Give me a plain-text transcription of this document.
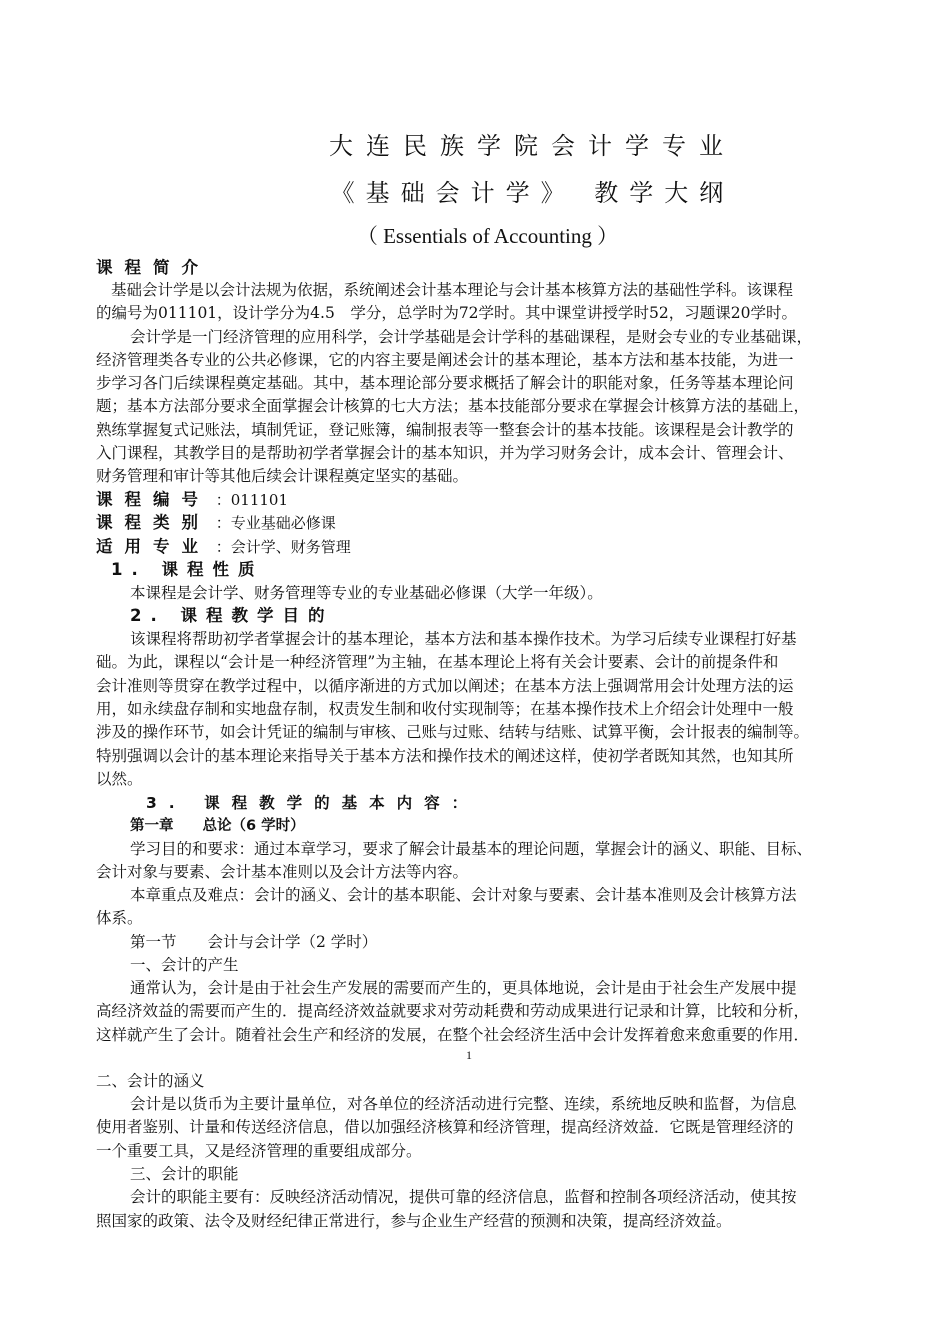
大连民族学院会计学专业
《基础会计学》 教学大纲
（ Essentials of Accounting ）
课程简介
基础会计学是以会计法规为依据，系统阐述会计基本理论与会计基本核算方法的基础性学科。该课程
的编号为011101，设计学分为4.5　学分，总学时为72学时。其中课堂讲授学时52，习题课20学时。
会计学是一门经济管理的应用科学，会计学基础是会计学科的基础课程，是财会专业的专业基础课，
经济管理类各专业的公共必修课，它的内容主要是阐述会计的基本理论，基本方法和基本技能，为进一
步学习各门后续课程奠定基础。其中，基本理论部分要求概括了解会计的职能对象，任务等基本理论问
题；基本方法部分要求全面掌握会计核算的七大方法；基本技能部分要求在掌握会计核算方法的基础上，
熟练掌握复式记账法，填制凭证，登记账簿，编制报表等一整套会计的基本技能。该课程是会计教学的
入门课程，其教学目的是帮助初学者掌握会计的基本知识，并为学习财务会计，成本会计、管理会计、
财务管理和审计等其他后续会计课程奠定坚实的基础。
课程编号 ：011101
课程类别 ：专业基础必修课
适用专业 ：会计学、财务管理
1. 课程性质
本课程是会计学、财务管理等专业的专业基础必修课（大学一年级）。
2. 课程教学目的
该课程将帮助初学者掌握会计的基本理论，基本方法和基本操作技术。为学习后续专业课程打好基
础。为此，课程以“会计是一种经济管理”为主轴，在基本理论上将有关会计要素、会计的前提条件和
会计准则等贯穿在教学过程中，以循序渐进的方式加以阐述；在基本方法上强调常用会计处理方法的运
用，如永续盘存制和实地盘存制，权责发生制和收付实现制等；在基本操作技术上介绍会计处理中一般
涉及的操作环节，如会计凭证的编制与审核、己账与过账、结转与结账、试算平衡，会计报表的编制等。
特别强调以会计的基本理论来指导关于基本方法和操作技术的阐述这样，使初学者既知其然，也知其所
以然。
3. 课程教学的基本内容：
第一章　　总论（6 学时）
学习目的和要求：通过本章学习，要求了解会计最基本的理论问题，掌握会计的涵义、职能、目标、
会计对象与要素、会计基本准则以及会计方法等内容。
本章重点及难点：会计的涵义、会计的基本职能、会计对象与要素、会计基本准则及会计核算方法
体系。
第一节　　会计与会计学（2 学时）
一、会计的产生
通常认为，会计是由于社会生产发展的需要而产生的，更具体地说，会计是由于社会生产发展中提
高经济效益的需要而产生的．提高经济效益就要求对劳动耗费和劳动成果进行记录和计算，比较和分析，
这样就产生了会计。随着社会生产和经济的发展，在整个社会经济生活中会计发挥着愈来愈重要的作用．
1
二、会计的涵义
会计是以货币为主要计量单位，对各单位的经济活动进行完整、连续，系统地反映和监督，为信息
使用者鉴别、计量和传送经济信息，借以加强经济核算和经济管理，提高经济效益．它既是管理经济的
一个重要工具，又是经济管理的重要组成部分。
三、会计的职能
会计的职能主要有：反映经济活动情况，提供可靠的经济信息，监督和控制各项经济活动，使其按
照国家的政策、法令及财经纪律正常进行，参与企业生产经营的预测和决策，提高经济效益。
